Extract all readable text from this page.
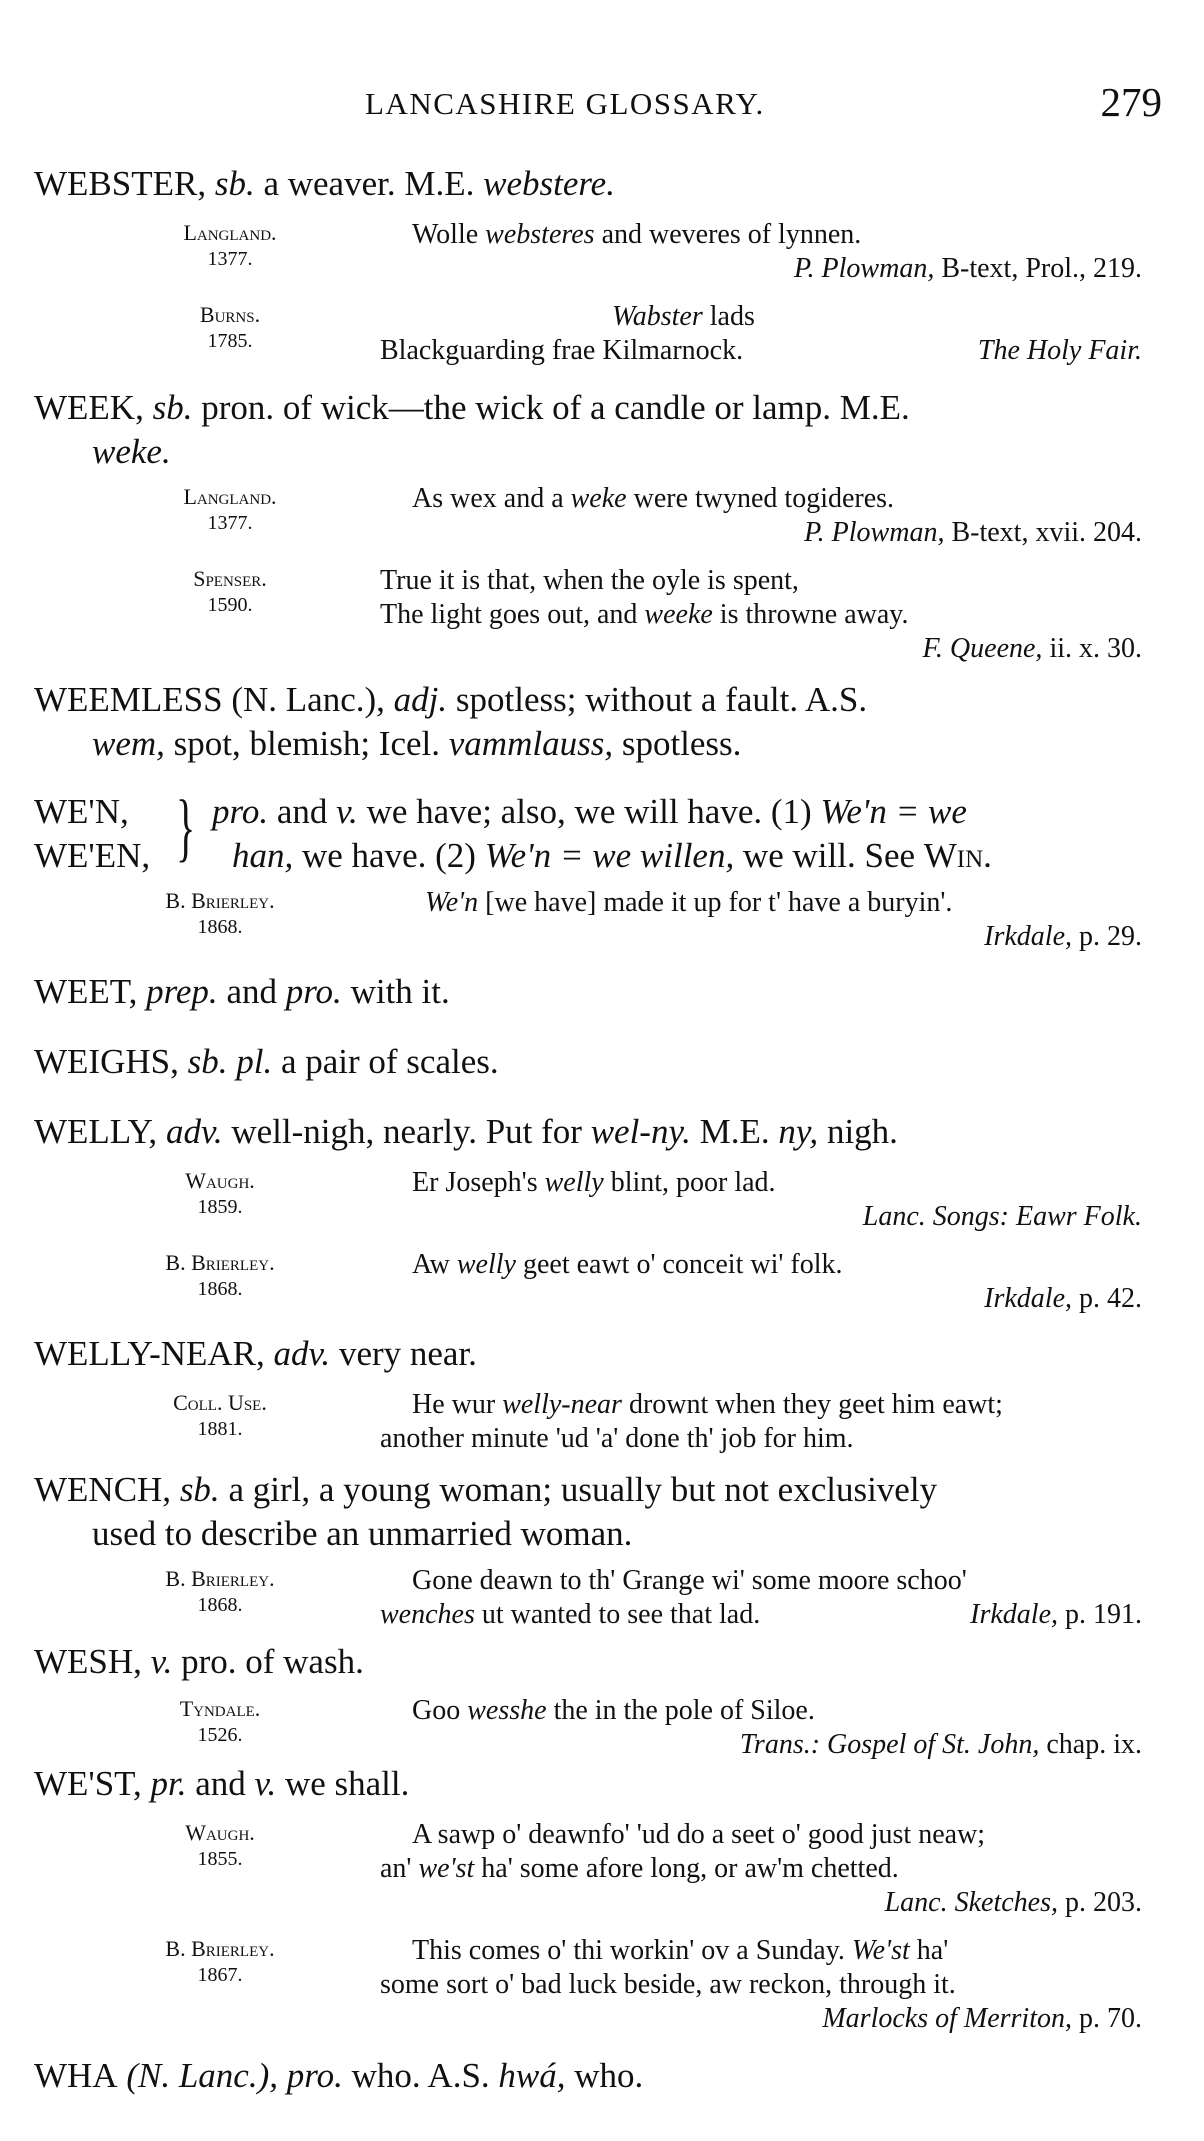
LANCASHIRE GLOSSARY.	279
WEBSTER, sb. a weaver. M.E. webstere.
Langland.
1377.
Wolle websteres and weveres of lynnen.
P. Plowman, B-text, Prol., 219.
Burns.
1785.
Wabster lads
Blackguarding frae Kilmarnock.	The Holy Fair.
WEEK, sb. pron. of wick—the wick of a candle or lamp. M.E.
weke.
Langland.
1377.
As wex and a weke were twyned togideres.
P. Plowman, B-text, xvii. 204.
Spenser.
1590.
True it is that, when the oyle is spent,
The light goes out, and weeke is throwne away.
F. Queene, ii. x. 30.
WEEMLESS (N. Lanc.), adj. spotless; without a fault. A.S.
wem, spot, blemish; Icel. vammlauss, spotless.
WE'N,
WE'EN, } pro. and v. we have; also, we will have. (1) We'n = we
han, we have. (2) We'n = we willen, we will. See Win.
B. Brierley.
1868.
We'n [we have] made it up for t' have a buryin'.
Irkdale, p. 29.
WEET, prep. and pro. with it.
WEIGHS, sb. pl. a pair of scales.
WELLY, adv. well-nigh, nearly. Put for wel-ny. M.E. ny, nigh.
Waugh.
1859.
Er Joseph's welly blint, poor lad.
Lanc. Songs: Eawr Folk.
B. Brierley.
1868.
Aw welly geet eawt o' conceit wi' folk.
Irkdale, p. 42.
WELLY-NEAR, adv. very near.
Coll. Use.
1881.
He wur welly-near drownt when they geet him eawt;
another minute 'ud 'a' done th' job for him.
WENCH, sb. a girl, a young woman; usually but not exclusively
used to describe an unmarried woman.
B. Brierley.
1868.
Gone deawn to th' Grange wi' some moore schoo'
wenches ut wanted to see that lad.	Irkdale, p. 191.
WESH, v. pro. of wash.
Tyndale.
1526.
Goo wesshe the in the pole of Siloe.
Trans.: Gospel of St. John, chap. ix.
WE'ST, pr. and v. we shall.
Waugh.
1855.
A sawp o' deawnfo' 'ud do a seet o' good just neaw;
an' we'st ha' some afore long, or aw'm chetted.
Lanc. Sketches, p. 203.
B. Brierley.
1867.
This comes o' thi workin' ov a Sunday. We'st ha'
some sort o' bad luck beside, aw reckon, through it.
Marlocks of Merriton, p. 70.
WHA (N. Lanc.), pro. who. A.S. hwá, who.
